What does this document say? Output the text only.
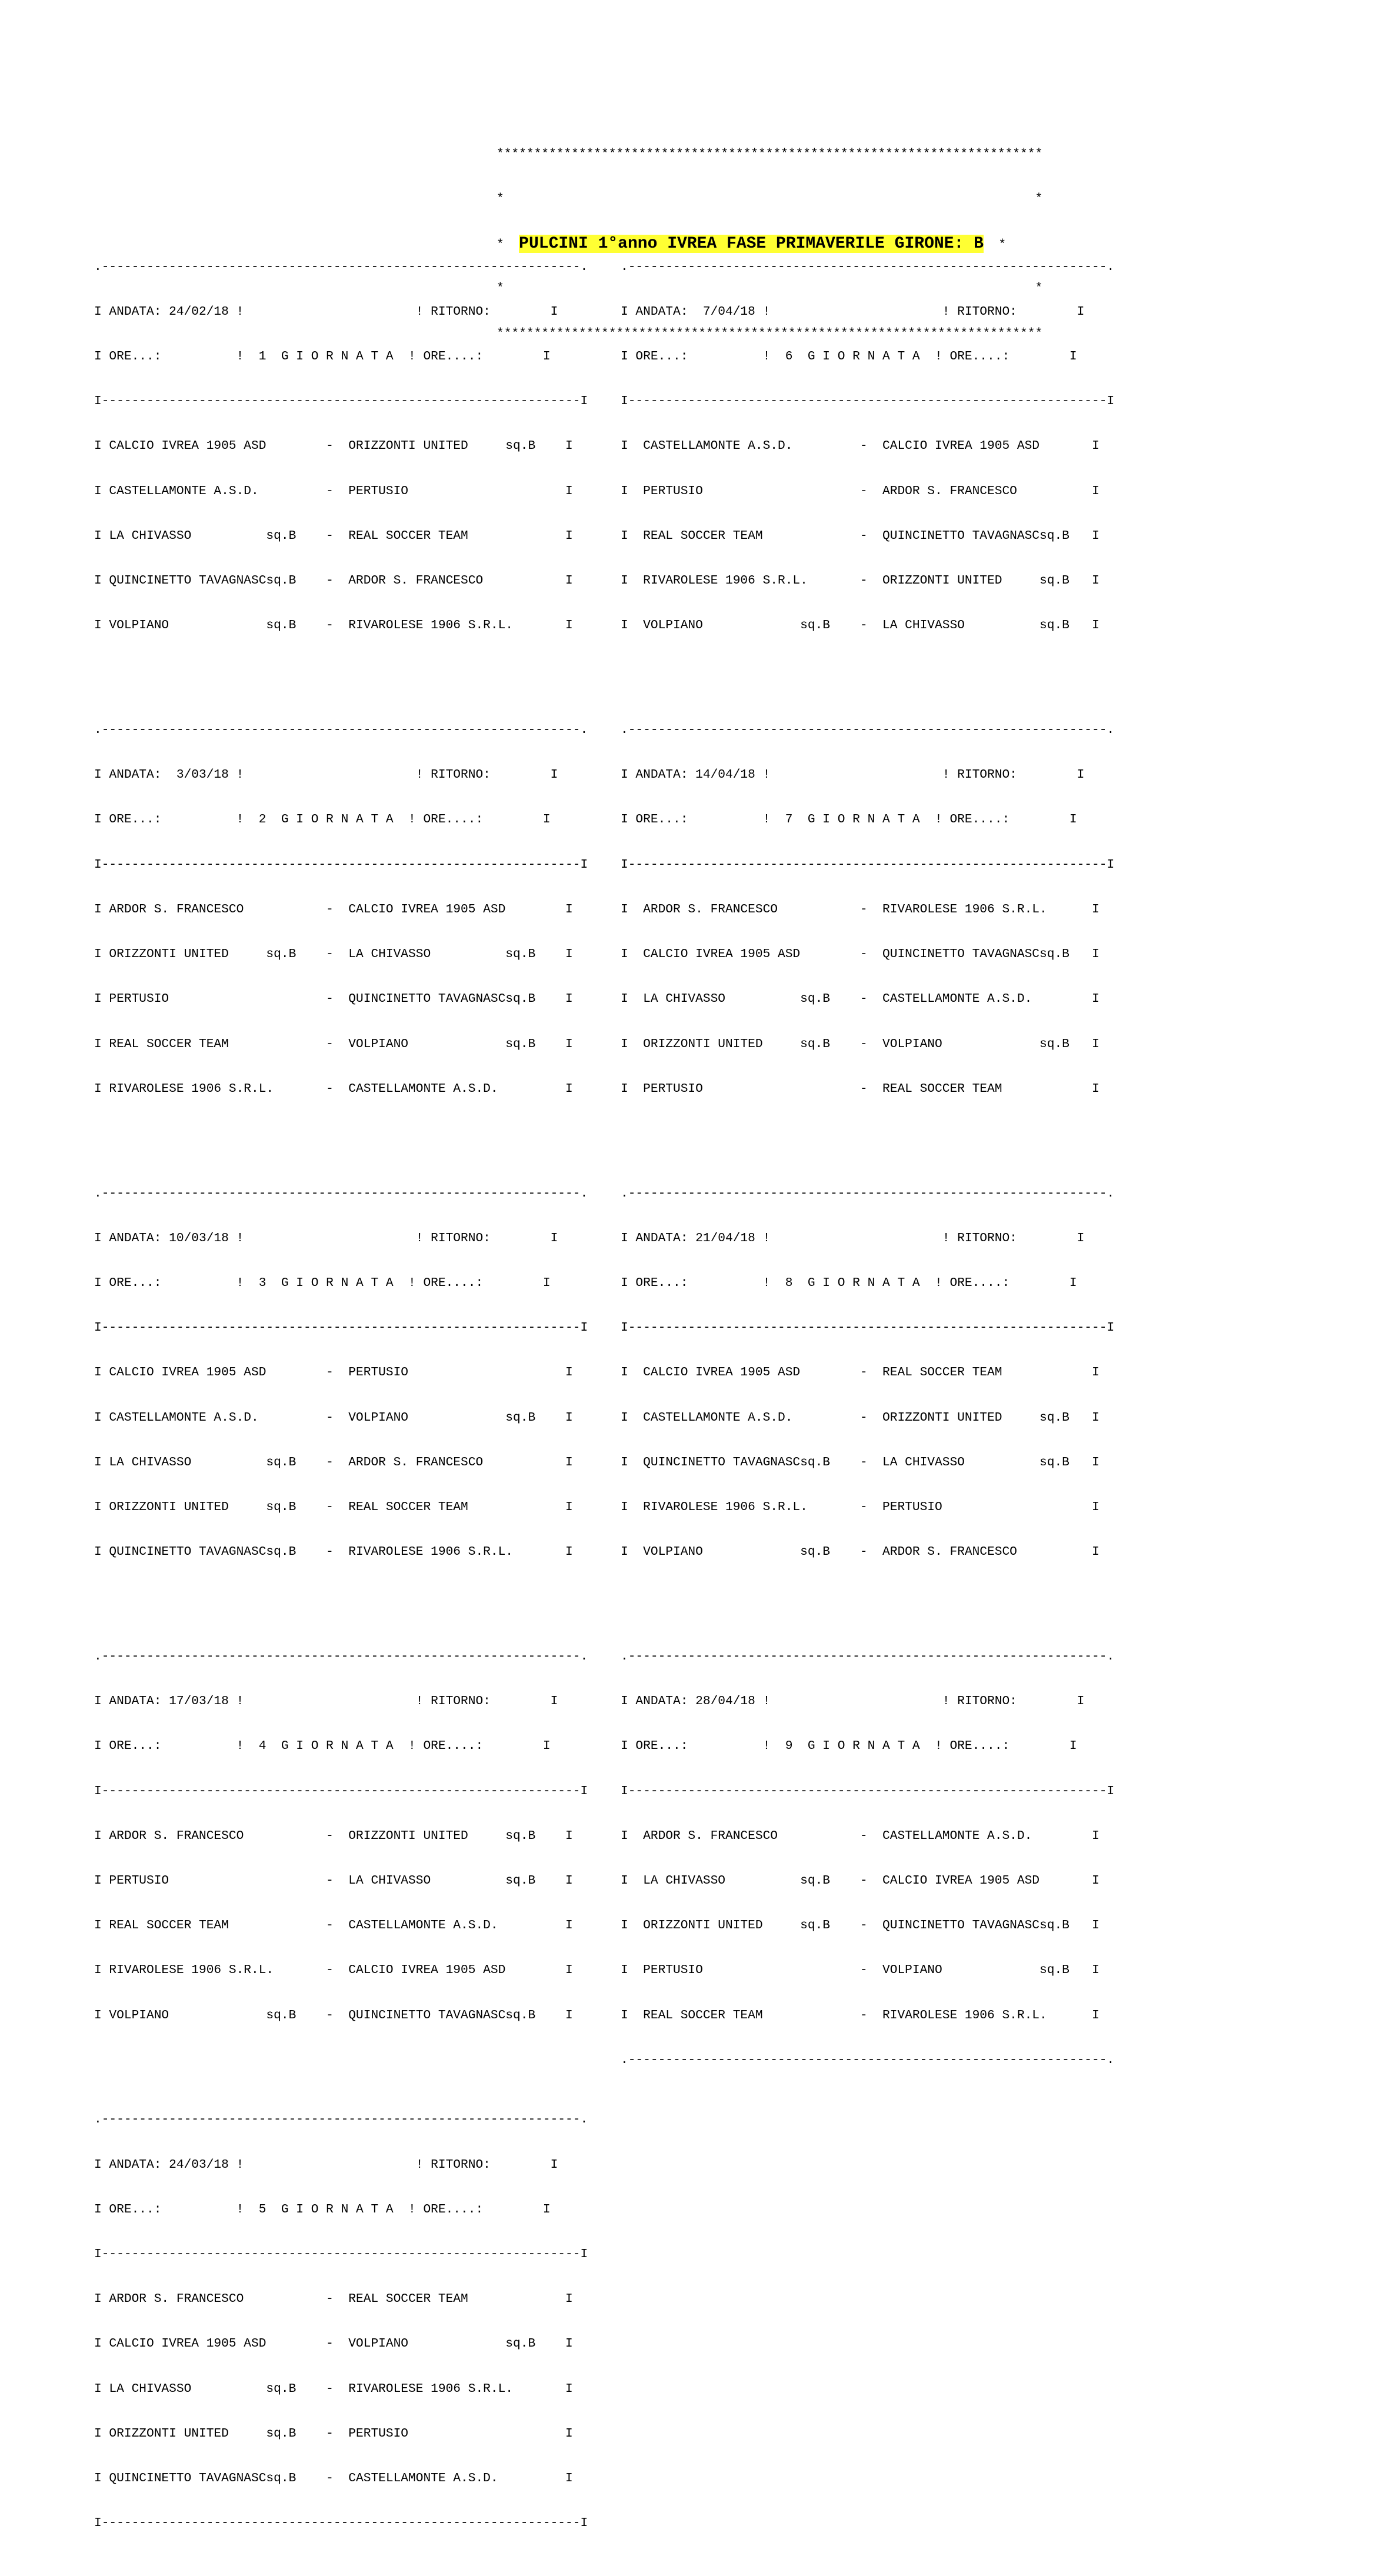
*************************************************************************

*                                                                       *

*  PULCINI 1°anno IVREA FASE PRIMAVERILE GIRONE: B  *

*                                                                       *

*************************************************************************

.----------------------------------------------------------------.

I ANDATA: 24/02/18 !                       ! RITORNO:        I

I ORE...:          !  1  G I O R N A T A  ! ORE....:        I

I----------------------------------------------------------------I

I CALCIO IVREA 1905 ASD        -  ORIZZONTI UNITED     sq.B    I

I CASTELLAMONTE A.S.D.         -  PERTUSIO                     I

I LA CHIVASSO          sq.B    -  REAL SOCCER TEAM             I

I QUINCINETTO TAVAGNASCsq.B    -  ARDOR S. FRANCESCO           I

I VOLPIANO             sq.B    -  RIVAROLESE 1906 S.R.L.       I

.----------------------------------------------------------------.

I ANDATA:  3/03/18 !                       ! RITORNO:        I

I ORE...:          !  2  G I O R N A T A  ! ORE....:        I

I----------------------------------------------------------------I

I ARDOR S. FRANCESCO           -  CALCIO IVREA 1905 ASD        I

I ORIZZONTI UNITED     sq.B    -  LA CHIVASSO          sq.B    I

I PERTUSIO                     -  QUINCINETTO TAVAGNASCsq.B    I

I REAL SOCCER TEAM             -  VOLPIANO             sq.B    I

I RIVAROLESE 1906 S.R.L.       -  CASTELLAMONTE A.S.D.         I

.----------------------------------------------------------------.

I ANDATA: 10/03/18 !                       ! RITORNO:        I

I ORE...:          !  3  G I O R N A T A  ! ORE....:        I

I----------------------------------------------------------------I

I CALCIO IVREA 1905 ASD        -  PERTUSIO                     I

I CASTELLAMONTE A.S.D.         -  VOLPIANO             sq.B    I

I LA CHIVASSO          sq.B    -  ARDOR S. FRANCESCO           I

I ORIZZONTI UNITED     sq.B    -  REAL SOCCER TEAM             I

I QUINCINETTO TAVAGNASCsq.B    -  RIVAROLESE 1906 S.R.L.       I

.----------------------------------------------------------------.

I ANDATA: 17/03/18 !                       ! RITORNO:        I

I ORE...:          !  4  G I O R N A T A  ! ORE....:        I

I----------------------------------------------------------------I

I ARDOR S. FRANCESCO           -  ORIZZONTI UNITED     sq.B    I

I PERTUSIO                     -  LA CHIVASSO          sq.B    I

I REAL SOCCER TEAM             -  CASTELLAMONTE A.S.D.         I

I RIVAROLESE 1906 S.R.L.       -  CALCIO IVREA 1905 ASD        I

I VOLPIANO             sq.B    -  QUINCINETTO TAVAGNASCsq.B    I

.----------------------------------------------------------------.

I ANDATA: 24/03/18 !                       ! RITORNO:        I

I ORE...:          !  5  G I O R N A T A  ! ORE....:        I

I----------------------------------------------------------------I

I ARDOR S. FRANCESCO           -  REAL SOCCER TEAM             I

I CALCIO IVREA 1905 ASD        -  VOLPIANO             sq.B    I

I LA CHIVASSO          sq.B    -  RIVAROLESE 1906 S.R.L.       I

I ORIZZONTI UNITED     sq.B    -  PERTUSIO                     I

I QUINCINETTO TAVAGNASCsq.B    -  CASTELLAMONTE A.S.D.         I

I----------------------------------------------------------------I

.----------------------------------------------------------------.

I ANDATA:  7/04/18 !                       ! RITORNO:        I

I ORE...:          !  6  G I O R N A T A  ! ORE....:        I

I----------------------------------------------------------------I

I  CASTELLAMONTE A.S.D.         -  CALCIO IVREA 1905 ASD       I

I  PERTUSIO                     -  ARDOR S. FRANCESCO          I

I  REAL SOCCER TEAM             -  QUINCINETTO TAVAGNASCsq.B   I

I  RIVAROLESE 1906 S.R.L.       -  ORIZZONTI UNITED     sq.B   I

I  VOLPIANO             sq.B    -  LA CHIVASSO          sq.B   I

.----------------------------------------------------------------.

I ANDATA: 14/04/18 !                       ! RITORNO:        I

I ORE...:          !  7  G I O R N A T A  ! ORE....:        I

I----------------------------------------------------------------I

I  ARDOR S. FRANCESCO           -  RIVAROLESE 1906 S.R.L.      I

I  CALCIO IVREA 1905 ASD        -  QUINCINETTO TAVAGNASCsq.B   I

I  LA CHIVASSO          sq.B    -  CASTELLAMONTE A.S.D.        I

I  ORIZZONTI UNITED     sq.B    -  VOLPIANO             sq.B   I

I  PERTUSIO                     -  REAL SOCCER TEAM            I

.----------------------------------------------------------------.

I ANDATA: 21/04/18 !                       ! RITORNO:        I

I ORE...:          !  8  G I O R N A T A  ! ORE....:        I

I----------------------------------------------------------------I

I  CALCIO IVREA 1905 ASD        -  REAL SOCCER TEAM            I

I  CASTELLAMONTE A.S.D.         -  ORIZZONTI UNITED     sq.B   I

I  QUINCINETTO TAVAGNASCsq.B    -  LA CHIVASSO          sq.B   I

I  RIVAROLESE 1906 S.R.L.       -  PERTUSIO                    I

I  VOLPIANO             sq.B    -  ARDOR S. FRANCESCO          I

.----------------------------------------------------------------.

I ANDATA: 28/04/18 !                       ! RITORNO:        I

I ORE...:          !  9  G I O R N A T A  ! ORE....:        I

I----------------------------------------------------------------I

I  ARDOR S. FRANCESCO           -  CASTELLAMONTE A.S.D.        I

I  LA CHIVASSO          sq.B    -  CALCIO IVREA 1905 ASD       I

I  ORIZZONTI UNITED     sq.B    -  QUINCINETTO TAVAGNASCsq.B   I

I  PERTUSIO                     -  VOLPIANO             sq.B   I

I  REAL SOCCER TEAM             -  RIVAROLESE 1906 S.R.L.      I

.----------------------------------------------------------------.
